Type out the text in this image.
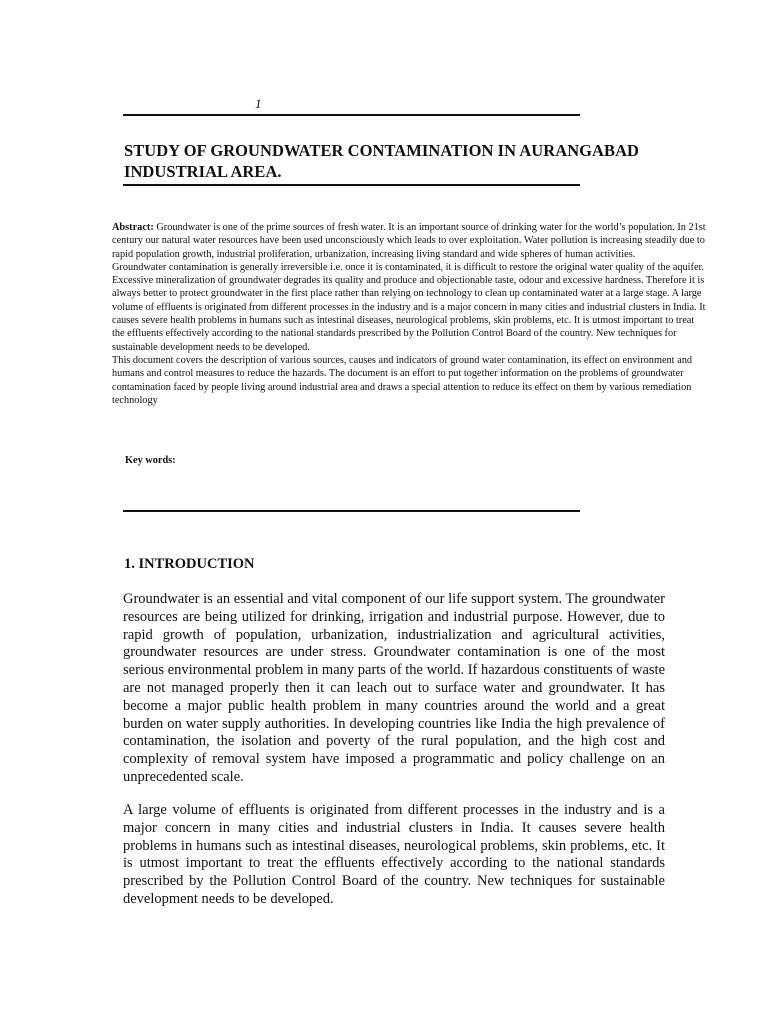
1
STUDY OF GROUNDWATER CONTAMINATION IN AURANGABAD INDUSTRIAL AREA.

Abstract: Groundwater is one of the prime sources of fresh water. It is an important source of drinking water for the world’s population. In 21st century our natural water resources have been used unconsciously which leads to over exploitation. Water pollution is increasing steadily due to rapid population growth, industrial proliferation, urbanization, increasing living standard and wide spheres of human activities.

Groundwater contamination is generally irreversible i.e. once it is contaminated, it is difficult to restore the original water quality of the aquifer. Excessive mineralization of groundwater degrades its quality and produce and objectionable taste, odour and excessive hardness. Therefore it is always better to protect groundwater in the first place rather than relying on technology to clean up contaminated water at a large stage. A large volume of effluents is originated from different processes in the industry and is a major concern in many cities and industrial clusters in India. It causes severe health problems in humans such as intestinal diseases, neurological problems, skin problems, etc. It is utmost important to treat the effluents effectively according to the national standards prescribed by the Pollution Control Board of the country. New techniques for sustainable development needs to be developed.

This document covers the description of various sources, causes and indicators of ground water contamination, its effect on environment and humans and control measures to reduce the hazards. The document is an effort to put together information on the problems of groundwater contamination faced by people living around industrial area and draws a special attention to reduce its effect on them by various remediation technology

Key words:
1. INTRODUCTION

Groundwater is an essential and vital component of our life support system. The groundwater resources are being utilized for drinking, irrigation and industrial purpose. However, due to rapid growth of population, urbanization, industrialization and agricultural activities, groundwater resources are under stress. Groundwater contamination is one of the most serious environmental problem in many parts of the world. If hazardous constituents of waste are not managed properly then it can leach out to surface water and groundwater. It has become a major public health problem in many countries around the world and a great burden on water supply authorities. In developing countries like India the high prevalence of contamination, the isolation and poverty of the rural population, and the high cost and complexity of removal system have imposed a programmatic and policy challenge on an unprecedented scale.

A large volume of effluents is originated from different processes in the industry and is a major concern in many cities and industrial clusters in India. It causes severe health problems in humans such as intestinal diseases, neurological problems, skin problems, etc. It is utmost important to treat the effluents effectively according to the national standards prescribed by the Pollution Control Board of the country. New techniques for sustainable development needs to be developed.
